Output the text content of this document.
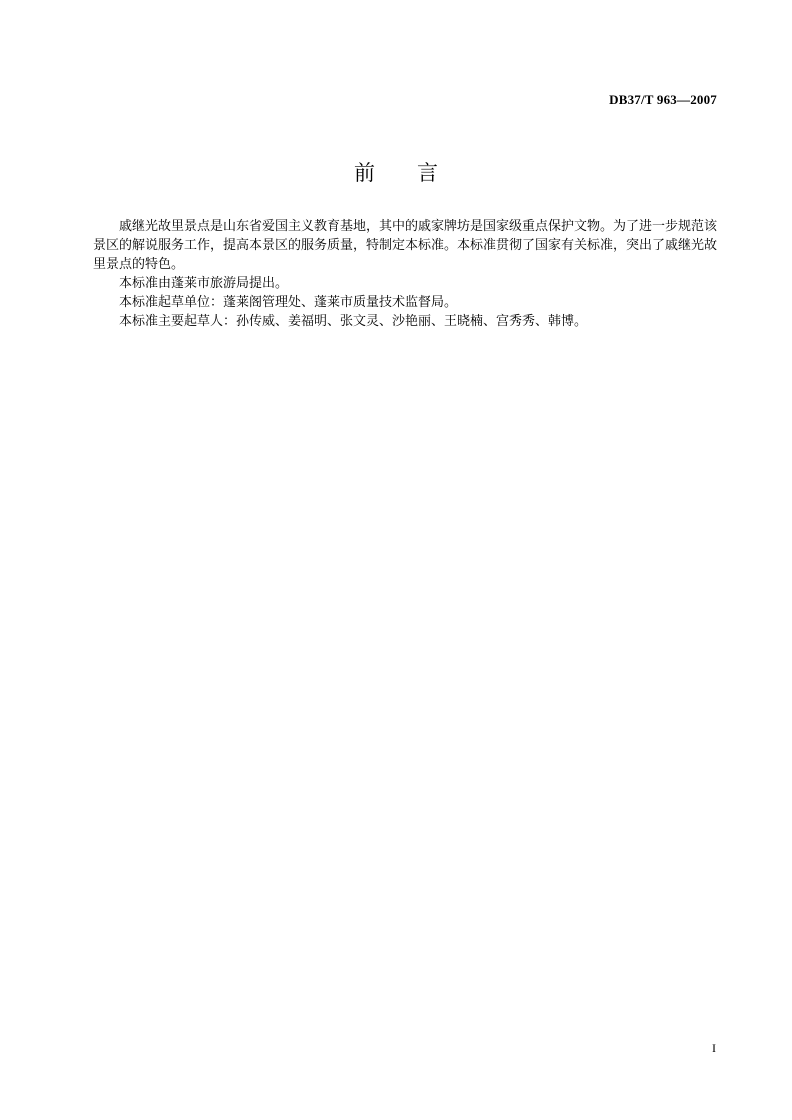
DB37/T 963—2007
前 言

戚继光故里景点是山东省爱国主义教育基地，其中的戚家牌坊是国家级重点保护文物。为了进一步规范该景区的解说服务工作，提高本景区的服务质量，特制定本标准。本标准贯彻了国家有关标准，突出了戚继光故里景点的特色。

本标准由蓬莱市旅游局提出。

本标准起草单位：蓬莱阁管理处、蓬莱市质量技术监督局。

本标准主要起草人：孙传威、姜福明、张文灵、沙艳丽、王晓楠、宫秀秀、韩博。

I
